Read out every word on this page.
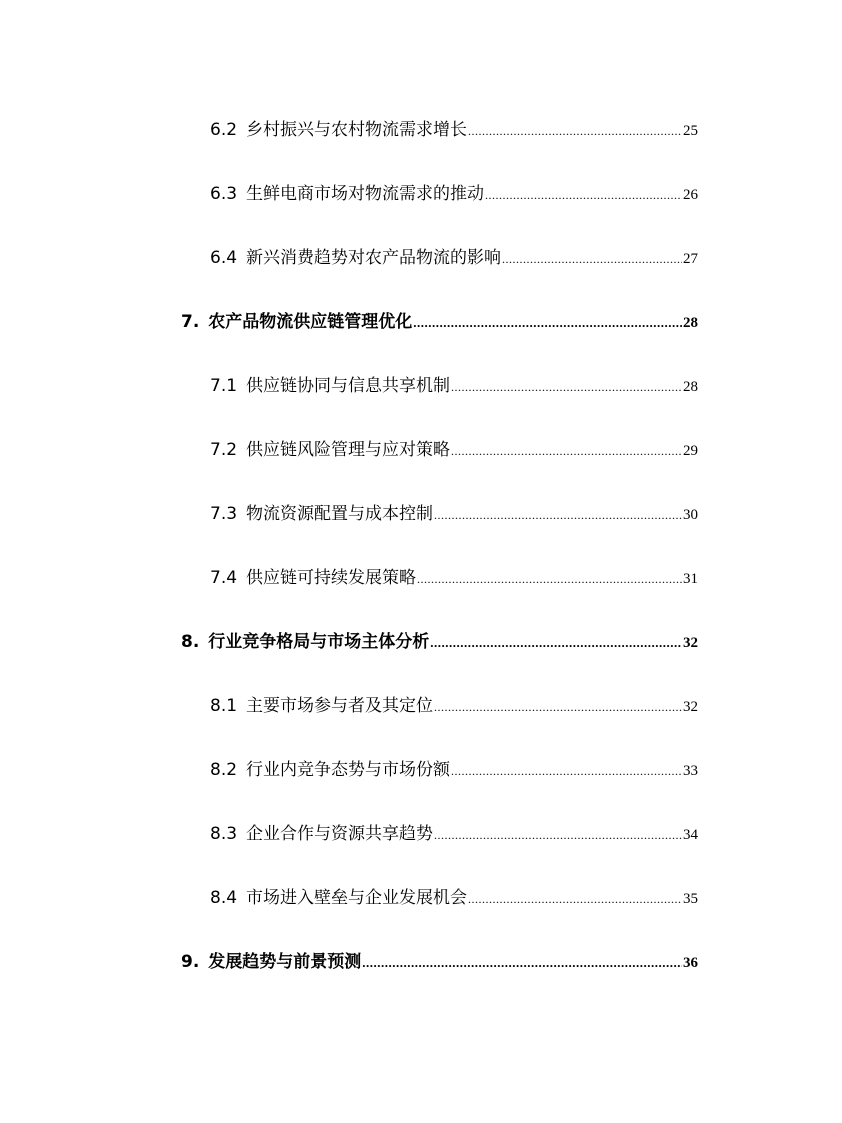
6.2 乡村振兴与农村物流需求增长 .....	25
6.3 生鲜电商市场对物流需求的推动 .....	26
6.4 新兴消费趋势对农产品物流的影响 .....	27
7. 农产品物流供应链管理优化 .....	28
7.1 供应链协同与信息共享机制 .....	28
7.2 供应链风险管理与应对策略 .....	29
7.3 物流资源配置与成本控制 .....	30
7.4 供应链可持续发展策略 .....	31
8. 行业竞争格局与市场主体分析 .....	32
8.1 主要市场参与者及其定位 .....	32
8.2 行业内竞争态势与市场份额 .....	33
8.3 企业合作与资源共享趋势 .....	34
8.4 市场进入壁垒与企业发展机会 .....	35
9. 发展趋势与前景预测 .....	36
